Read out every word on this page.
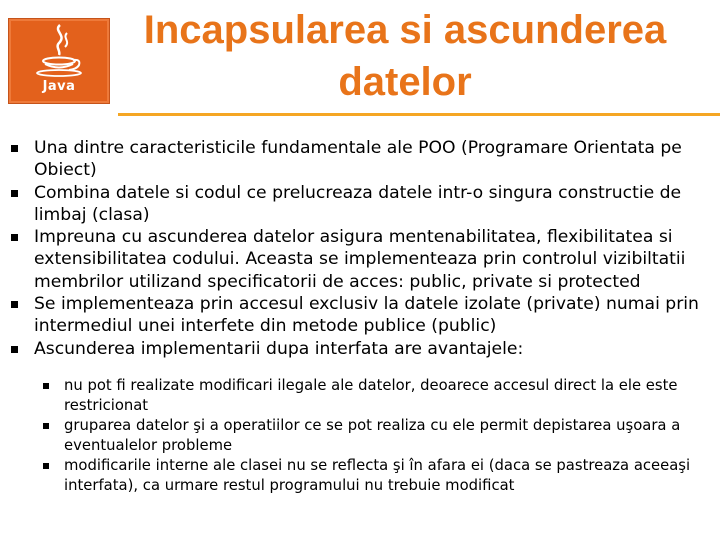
Java
Incapsularea si ascunderea datelor
Una dintre caracteristicile fundamentale ale POO (Programare Orientata pe Obiect)
Combina datele si codul ce prelucreaza datele intr-o singura constructie de limbaj (clasa)
Impreuna cu ascunderea datelor asigura mentenabilitatea, flexibilitatea si extensibilitatea codului. Aceasta se implementeaza prin controlul vizibiltatii membrilor utilizand specificatorii de acces: public, private si protected
Se implementeaza prin accesul exclusiv la datele izolate (private) numai prin intermediul unei interfete din metode publice (public)
Ascunderea implementarii dupa interfata are avantajele:
nu pot fi realizate modificari ilegale ale datelor, deoarece accesul direct la ele este restricionat
gruparea datelor şi a operatiilor ce se pot realiza cu ele permit depistarea uşoara a eventualelor probleme
modificarile interne ale clasei nu se reflecta şi în afara ei (daca se pastreaza aceeaşi interfata), ca urmare restul programului nu trebuie modificat
